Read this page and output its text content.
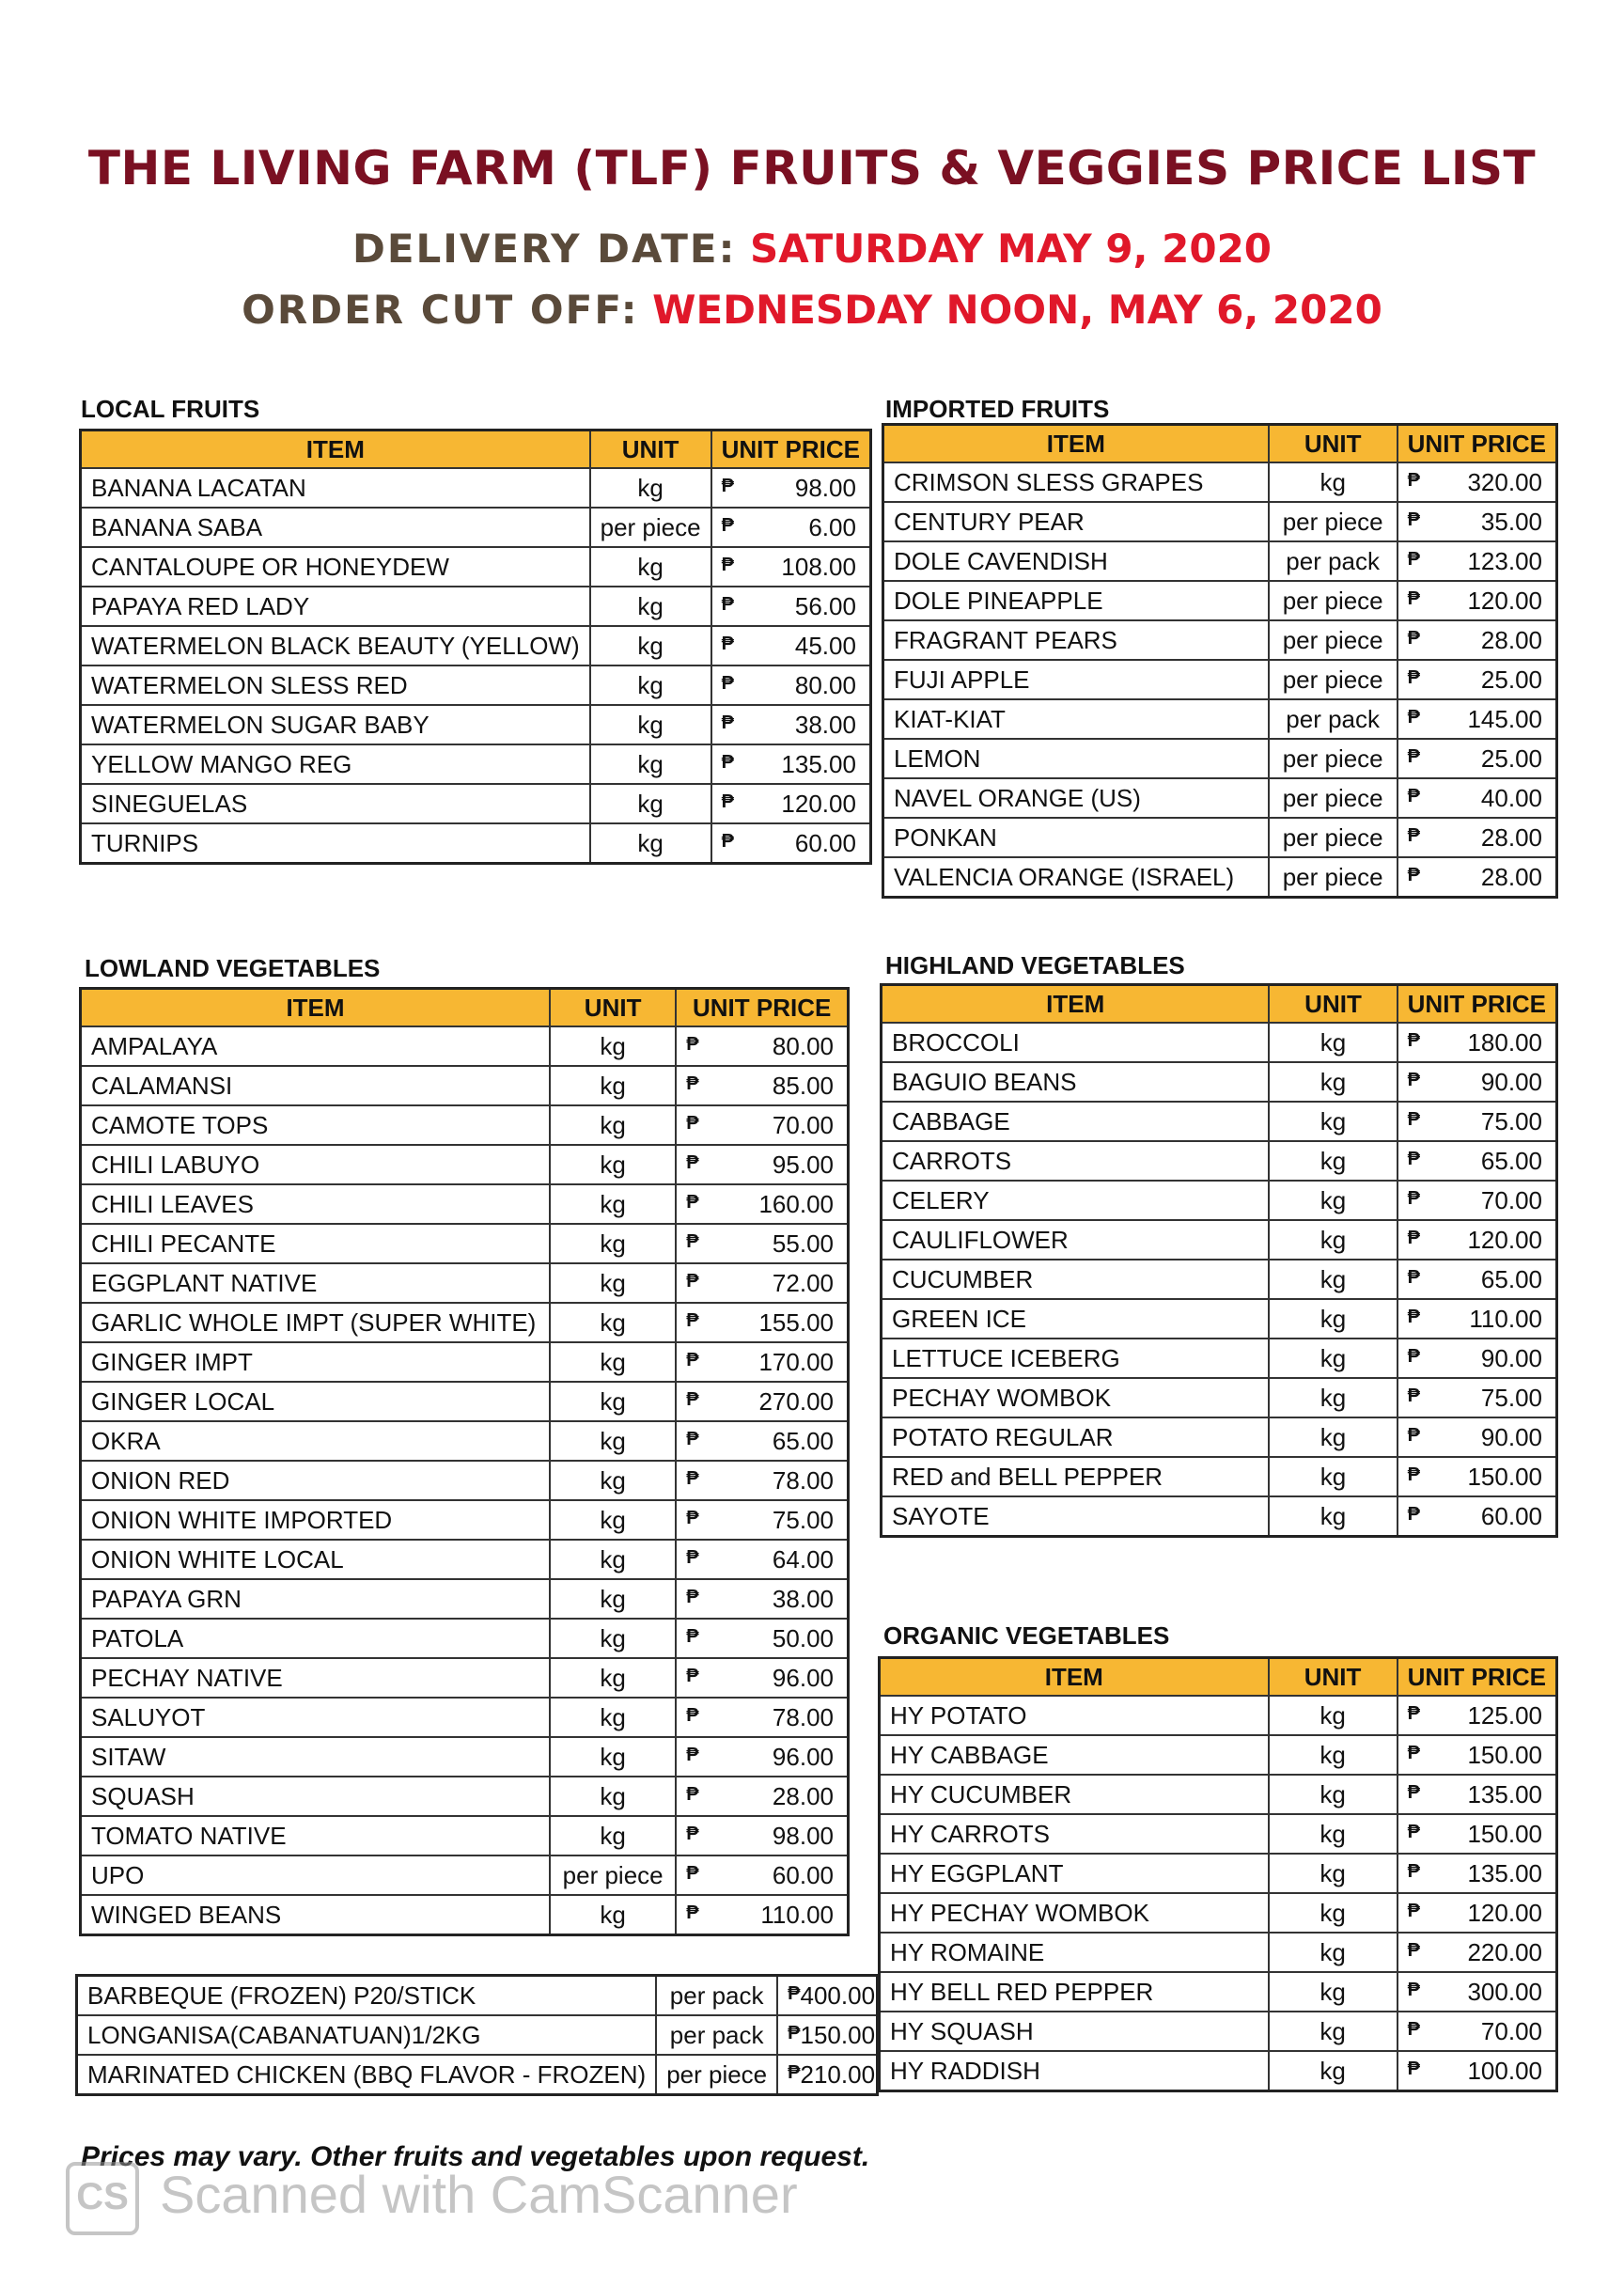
THE LIVING FARM (TLF) FRUITS & VEGGIES PRICE LIST
DELIVERY DATE: SATURDAY MAY 9, 2020
ORDER CUT OFF: WEDNESDAY NOON, MAY 6, 2020
LOCAL FRUITS
ITEM	UNIT	UNIT PRICE
BANANA LACATAN	kg	₱ 98.00
BANANA SABA	per piece	₱ 6.00
CANTALOUPE OR HONEYDEW	kg	₱ 108.00
PAPAYA RED LADY	kg	₱ 56.00
WATERMELON BLACK BEAUTY (YELLOW)	kg	₱ 45.00
WATERMELON SLESS RED	kg	₱ 80.00
WATERMELON SUGAR BABY	kg	₱ 38.00
YELLOW MANGO REG	kg	₱ 135.00
SINEGUELAS	kg	₱ 120.00
TURNIPS	kg	₱ 60.00
IMPORTED FRUITS
ITEM	UNIT	UNIT PRICE
CRIMSON SLESS GRAPES	kg	₱ 320.00
CENTURY PEAR	per piece	₱ 35.00
DOLE CAVENDISH	per pack	₱ 123.00
DOLE PINEAPPLE	per piece	₱ 120.00
FRAGRANT PEARS	per piece	₱ 28.00
FUJI APPLE	per piece	₱ 25.00
KIAT-KIAT	per pack	₱ 145.00
LEMON	per piece	₱ 25.00
NAVEL ORANGE (US)	per piece	₱ 40.00
PONKAN	per piece	₱ 28.00
VALENCIA ORANGE (ISRAEL)	per piece	₱ 28.00
LOWLAND VEGETABLES
ITEM	UNIT	UNIT PRICE
AMPALAYA	kg	₱ 80.00
CALAMANSI	kg	₱ 85.00
CAMOTE TOPS	kg	₱ 70.00
CHILI LABUYO	kg	₱ 95.00
CHILI LEAVES	kg	₱ 160.00
CHILI PECANTE	kg	₱ 55.00
EGGPLANT NATIVE	kg	₱ 72.00
GARLIC WHOLE IMPT (SUPER WHITE)	kg	₱ 155.00
GINGER IMPT	kg	₱ 170.00
GINGER LOCAL	kg	₱ 270.00
OKRA	kg	₱ 65.00
ONION RED	kg	₱ 78.00
ONION WHITE IMPORTED	kg	₱ 75.00
ONION WHITE LOCAL	kg	₱ 64.00
PAPAYA GRN	kg	₱ 38.00
PATOLA	kg	₱ 50.00
PECHAY NATIVE	kg	₱ 96.00
SALUYOT	kg	₱ 78.00
SITAW	kg	₱ 96.00
SQUASH	kg	₱ 28.00
TOMATO NATIVE	kg	₱ 98.00
UPO	per piece	₱ 60.00
WINGED BEANS	kg	₱ 110.00
HIGHLAND VEGETABLES
ITEM	UNIT	UNIT PRICE
BROCCOLI	kg	₱ 180.00
BAGUIO BEANS	kg	₱ 90.00
CABBAGE	kg	₱ 75.00
CARROTS	kg	₱ 65.00
CELERY	kg	₱ 70.00
CAULIFLOWER	kg	₱ 120.00
CUCUMBER	kg	₱ 65.00
GREEN ICE	kg	₱ 110.00
LETTUCE ICEBERG	kg	₱ 90.00
PECHAY WOMBOK	kg	₱ 75.00
POTATO REGULAR	kg	₱ 90.00
RED and BELL PEPPER	kg	₱ 150.00
SAYOTE	kg	₱ 60.00
ORGANIC VEGETABLES
ITEM	UNIT	UNIT PRICE
HY POTATO	kg	₱ 125.00
HY CABBAGE	kg	₱ 150.00
HY CUCUMBER	kg	₱ 135.00
HY CARROTS	kg	₱ 150.00
HY EGGPLANT	kg	₱ 135.00
HY PECHAY WOMBOK	kg	₱ 120.00
HY ROMAINE	kg	₱ 220.00
HY BELL RED PEPPER	kg	₱ 300.00
HY SQUASH	kg	₱ 70.00
HY RADDISH	kg	₱ 100.00
BARBEQUE (FROZEN) P20/STICK	per pack	₱ 400.00
LONGANISA(CABANATUAN)1/2KG	per pack	₱ 150.00
MARINATED CHICKEN (BBQ FLAVOR - FROZEN)	per piece	₱ 210.00
Prices may vary. Other fruits and vegetables upon request.
CS Scanned with CamScanner
